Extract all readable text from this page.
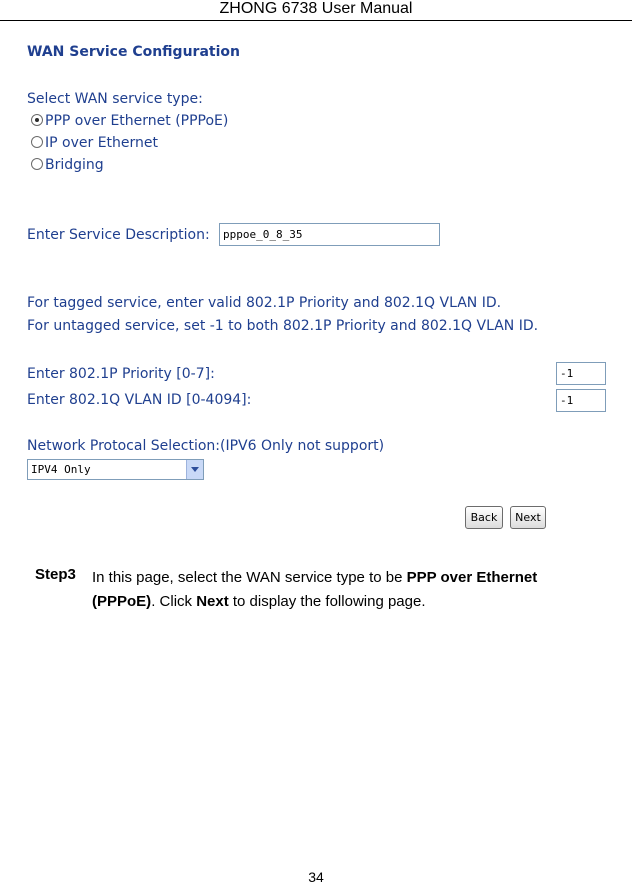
ZHONG 6738 User Manual
WAN Service Configuration
Select WAN service type:
PPP over Ethernet (PPPoE)
IP over Ethernet
Bridging
Enter Service Description:	pppoe_0_8_35
For tagged service, enter valid 802.1P Priority and 802.1Q VLAN ID.
For untagged service, set -1 to both 802.1P Priority and 802.1Q VLAN ID.
Enter 802.1P Priority [0-7]:	-1
Enter 802.1Q VLAN ID [0-4094]:	-1
Network Protocal Selection:(IPV6 Only not support)
IPV4 Only
Back	Next
Step3 In this page, select the WAN service type to be PPP over Ethernet (PPPoE). Click Next to display the following page.
34
